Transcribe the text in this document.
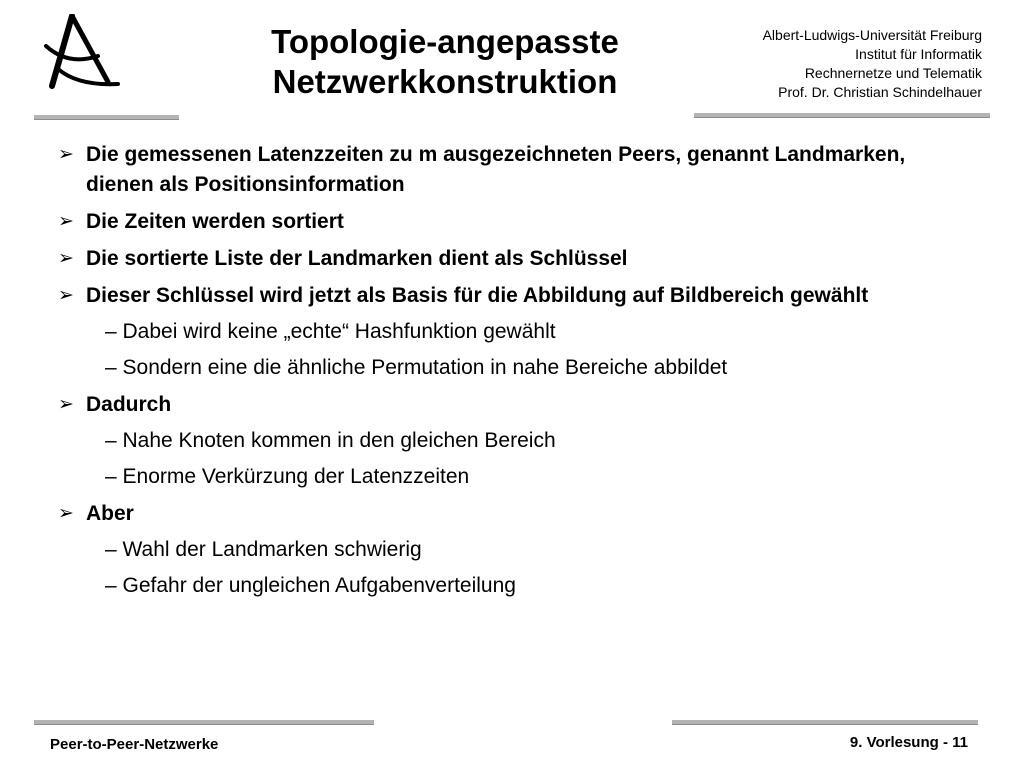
Topologie-angepasste
Netzwerkkonstruktion
Albert-Ludwigs-Universität Freiburg
Institut für Informatik
Rechnernetze und Telematik
Prof. Dr. Christian Schindelhauer
➢ Die gemessenen Latenzzeiten zu m ausgezeichneten Peers, genannt Landmarken, dienen als Positionsinformation
➢ Die Zeiten werden sortiert
➢ Die sortierte Liste der Landmarken dient als Schlüssel
➢ Dieser Schlüssel wird jetzt als Basis für die Abbildung auf Bildbereich gewählt
– Dabei wird keine „echte“ Hashfunktion gewählt
– Sondern eine die ähnliche Permutation in nahe Bereiche abbildet
➢ Dadurch
– Nahe Knoten kommen in den gleichen Bereich
– Enorme Verkürzung der Latenzzeiten
➢ Aber
– Wahl der Landmarken schwierig
– Gefahr der ungleichen Aufgabenverteilung
Peer-to-Peer-Netzwerke	9. Vorlesung - 11
